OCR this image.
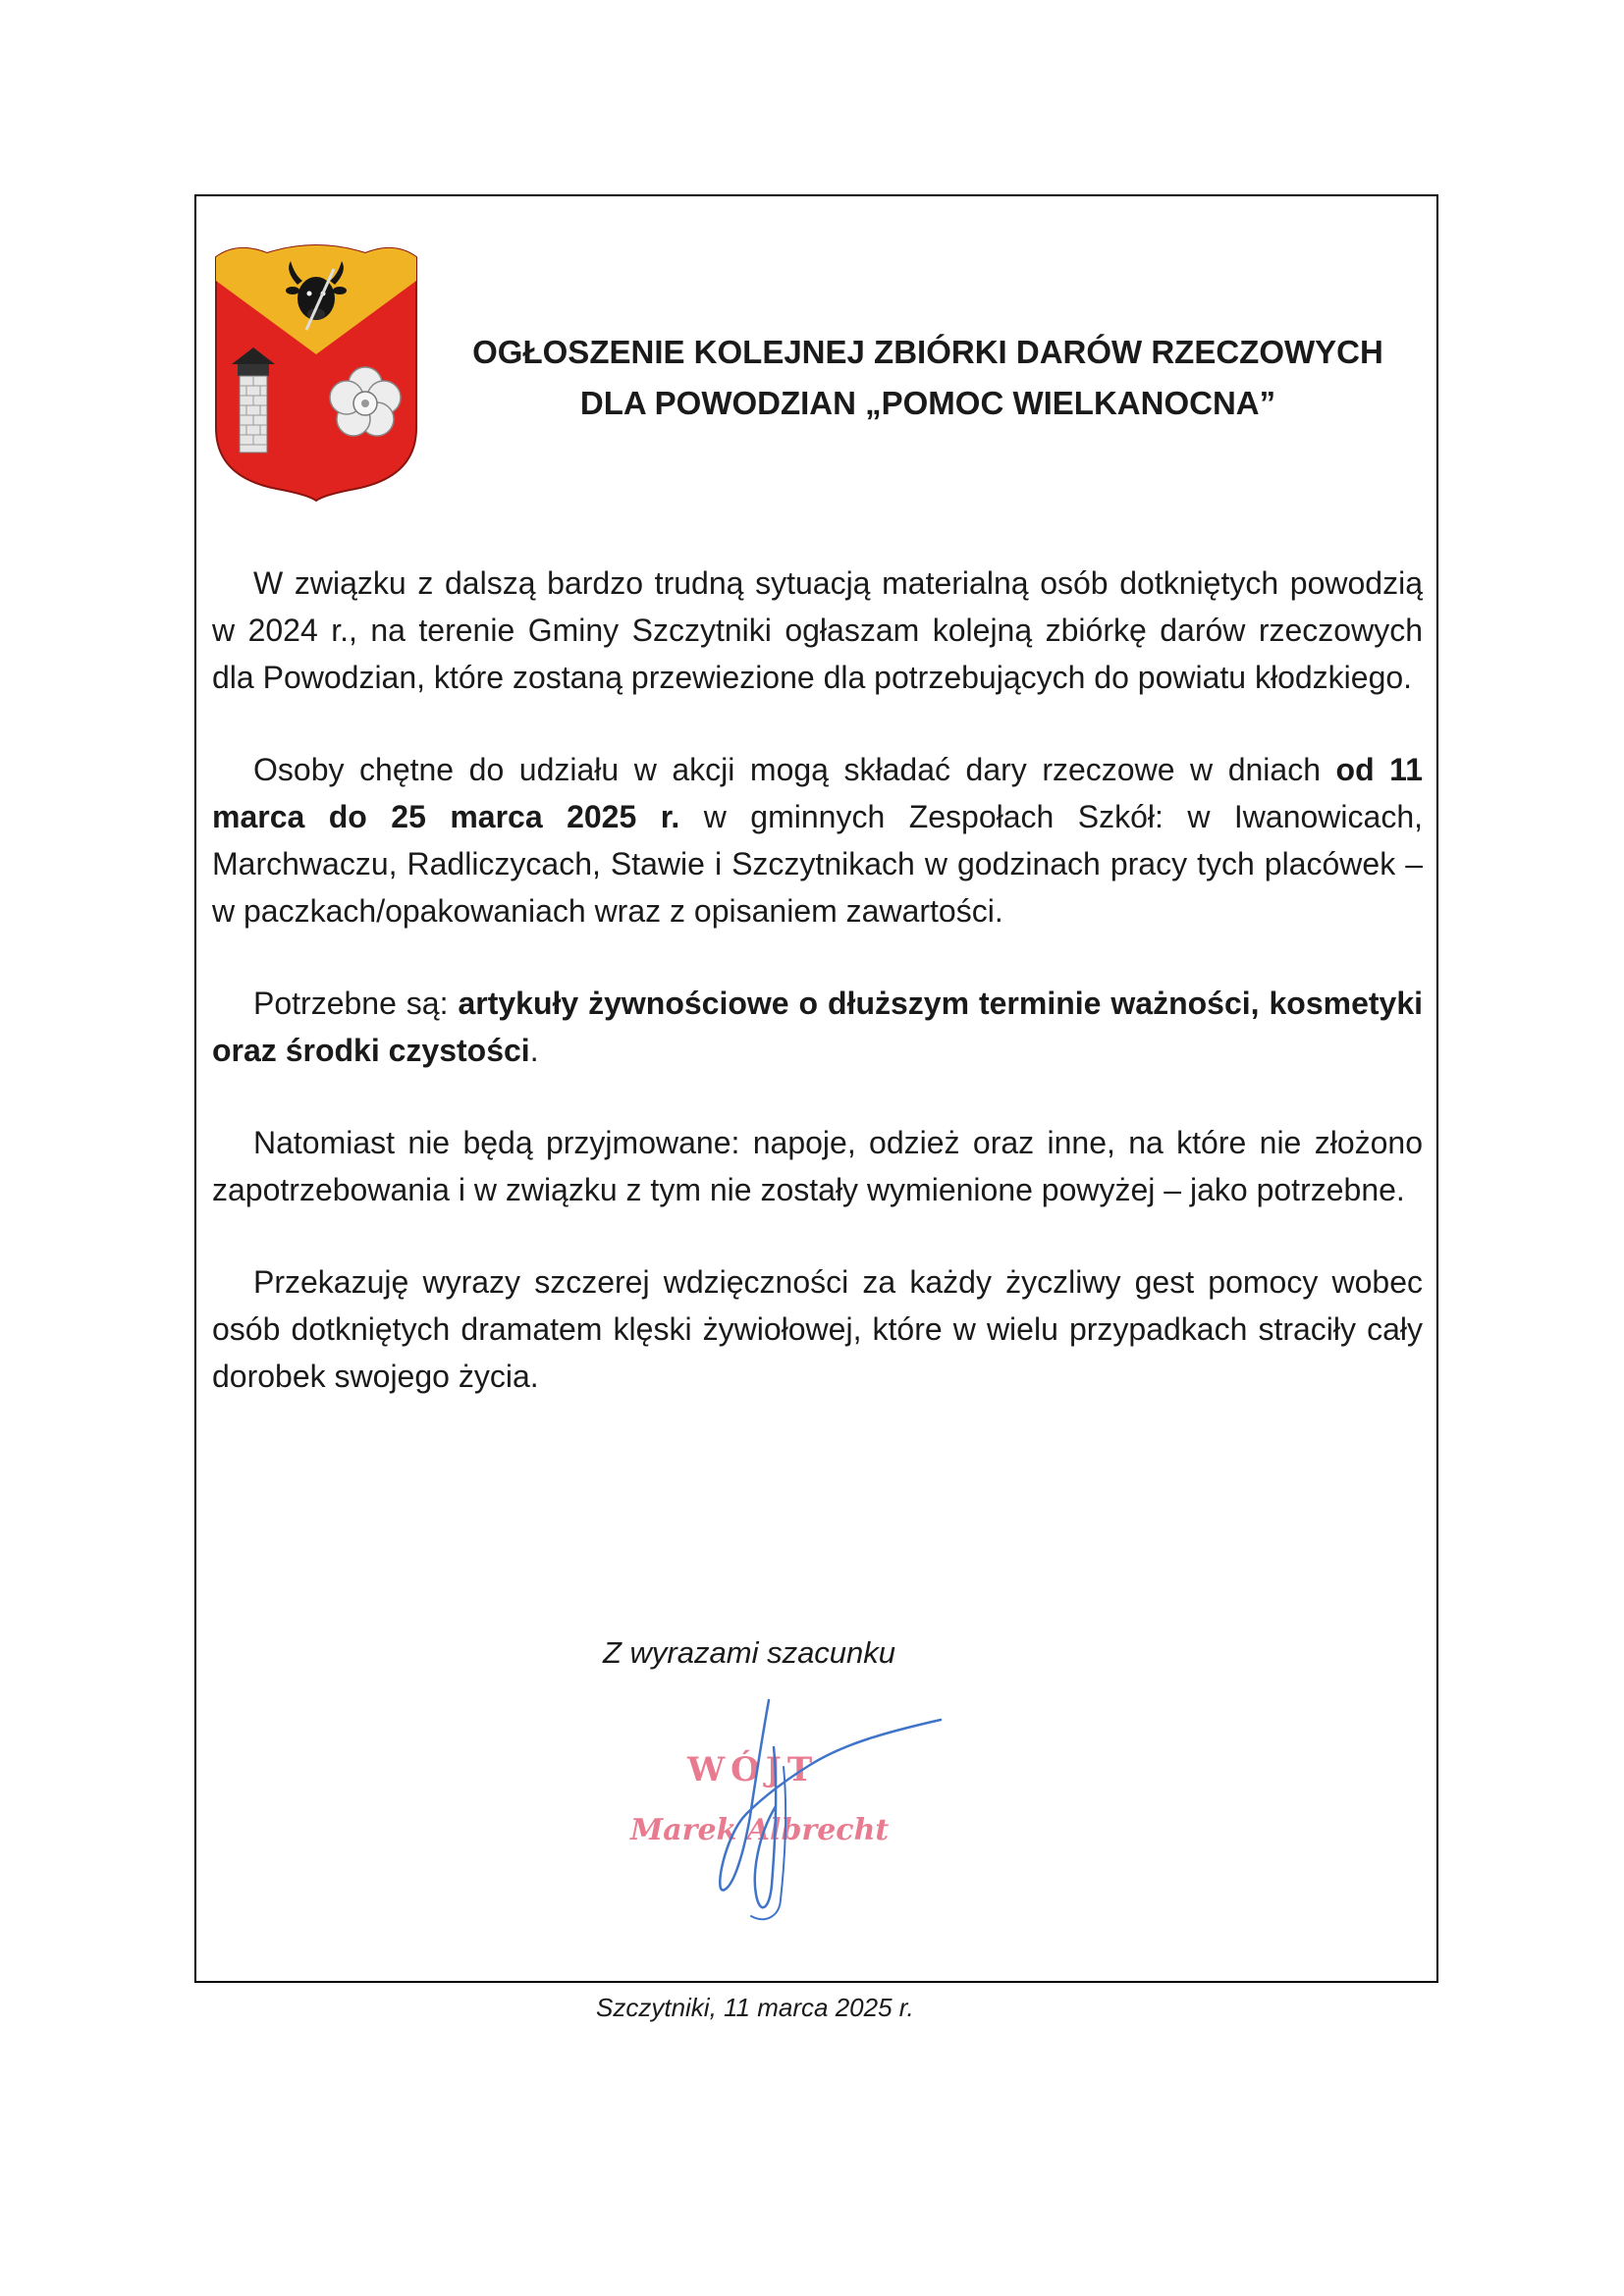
OGŁOSZENIE KOLEJNEJ ZBIÓRKI DARÓW RZECZOWYCH
DLA POWODZIAN „POMOC WIELKANOCNA”

W związku z dalszą bardzo trudną sytuacją materialną osób dotkniętych powodzią w 2024 r., na terenie Gminy Szczytniki ogłaszam kolejną zbiórkę darów rzeczowych dla Powodzian, które zostaną przewiezione dla potrzebujących do powiatu kłodzkiego.

Osoby chętne do udziału w akcji mogą składać dary rzeczowe w dniach od 11 marca do 25 marca 2025 r. w gminnych Zespołach Szkół: w Iwanowicach, Marchwaczu, Radliczycach, Stawie i Szczytnikach w godzinach pracy tych placówek – w paczkach/opakowaniach wraz z opisaniem zawartości.

Potrzebne są: artykuły żywnościowe o dłuższym terminie ważności, kosmetyki oraz środki czystości.

Natomiast nie będą przyjmowane: napoje, odzież oraz inne, na które nie złożono zapotrzebowania i w związku z tym nie zostały wymienione powyżej – jako potrzebne.

Przekazuję wyrazy szczerej wdzięczności za każdy życzliwy gest pomocy wobec osób dotkniętych dramatem klęski żywiołowej, które w wielu przypadkach straciły cały dorobek swojego życia.

Z wyrazami szacunku
WÓJT
Marek Albrecht
Szczytniki, 11 marca 2025 r.
